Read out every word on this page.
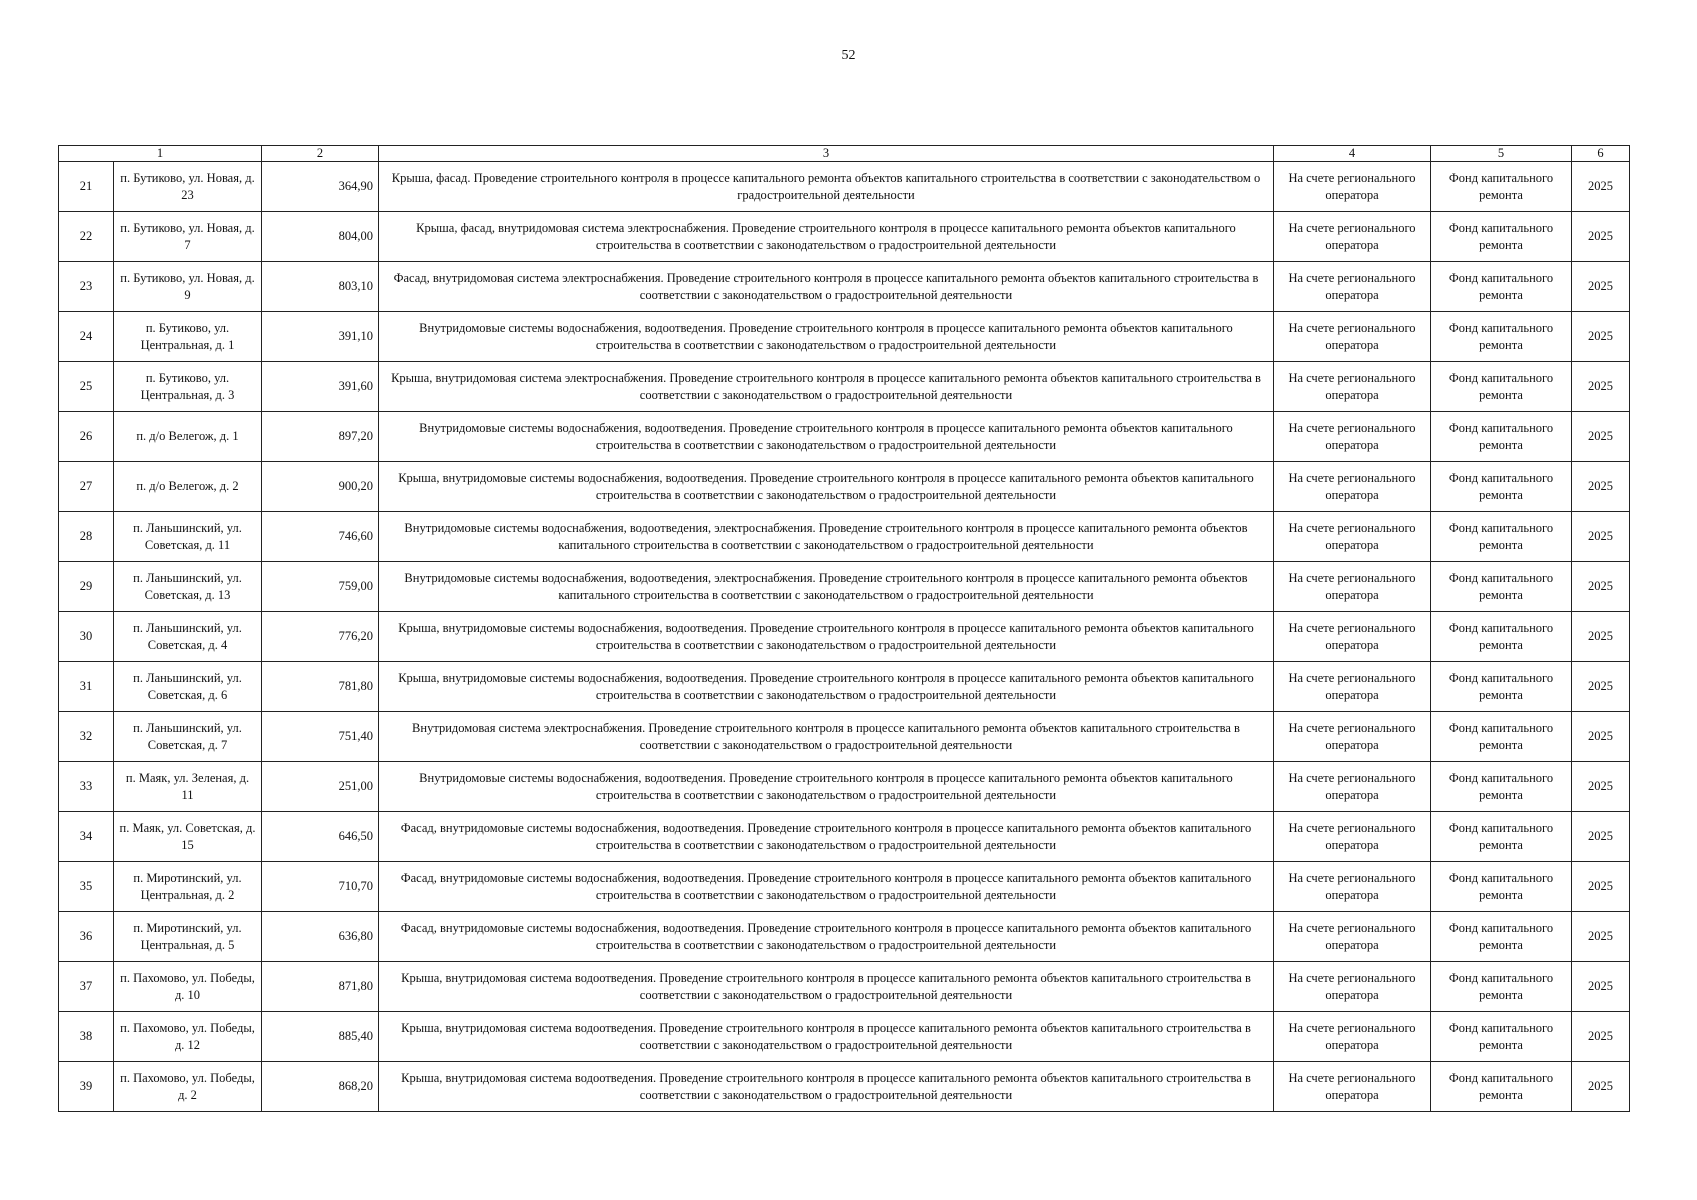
52
1		2	3	4	5	6
21	п. Бутиково, ул. Новая, д. 23	364,90	Крыша, фасад. Проведение строительного контроля в процессе капитального ремонта объектов капитального строительства в соответствии с законодательством о градостроительной деятельности	На счете регионального оператора	Фонд капитального ремонта	2025
22	п. Бутиково, ул. Новая, д. 7	804,00	Крыша, фасад, внутридомовая система электроснабжения. Проведение строительного контроля в процессе капитального ремонта объектов капитального строительства в соответствии с законодательством о градостроительной деятельности	На счете регионального оператора	Фонд капитального ремонта	2025
23	п. Бутиково, ул. Новая, д. 9	803,10	Фасад, внутридомовая система электроснабжения. Проведение строительного контроля в процессе капитального ремонта объектов капитального строительства в соответствии с законодательством о градостроительной деятельности	На счете регионального оператора	Фонд капитального ремонта	2025
24	п. Бутиково, ул. Центральная, д. 1	391,10	Внутридомовые системы водоснабжения, водоотведения. Проведение строительного контроля в процессе капитального ремонта объектов капитального строительства в соответствии с законодательством о градостроительной деятельности	На счете регионального оператора	Фонд капитального ремонта	2025
25	п. Бутиково, ул. Центральная, д. 3	391,60	Крыша, внутридомовая система электроснабжения. Проведение строительного контроля в процессе капитального ремонта объектов капитального строительства в соответствии с законодательством о градостроительной деятельности	На счете регионального оператора	Фонд капитального ремонта	2025
26	п. д/о Велегож, д. 1	897,20	Внутридомовые системы водоснабжения, водоотведения. Проведение строительного контроля в процессе капитального ремонта объектов капитального строительства в соответствии с законодательством о градостроительной деятельности	На счете регионального оператора	Фонд капитального ремонта	2025
27	п. д/о Велегож, д. 2	900,20	Крыша, внутридомовые системы водоснабжения, водоотведения. Проведение строительного контроля в процессе капитального ремонта объектов капитального строительства в соответствии с законодательством о градостроительной деятельности	На счете регионального оператора	Фонд капитального ремонта	2025
28	п. Ланьшинский, ул. Советская, д. 11	746,60	Внутридомовые системы водоснабжения, водоотведения, электроснабжения. Проведение строительного контроля в процессе капитального ремонта объектов капитального строительства в соответствии с законодательством о градостроительной деятельности	На счете регионального оператора	Фонд капитального ремонта	2025
29	п. Ланьшинский, ул. Советская, д. 13	759,00	Внутридомовые системы водоснабжения, водоотведения, электроснабжения. Проведение строительного контроля в процессе капитального ремонта объектов капитального строительства в соответствии с законодательством о градостроительной деятельности	На счете регионального оператора	Фонд капитального ремонта	2025
30	п. Ланьшинский, ул. Советская, д. 4	776,20	Крыша, внутридомовые системы водоснабжения, водоотведения. Проведение строительного контроля в процессе капитального ремонта объектов капитального строительства в соответствии с законодательством о градостроительной деятельности	На счете регионального оператора	Фонд капитального ремонта	2025
31	п. Ланьшинский, ул. Советская, д. 6	781,80	Крыша, внутридомовые системы водоснабжения, водоотведения. Проведение строительного контроля в процессе капитального ремонта объектов капитального строительства в соответствии с законодательством о градостроительной деятельности	На счете регионального оператора	Фонд капитального ремонта	2025
32	п. Ланьшинский, ул. Советская, д. 7	751,40	Внутридомовая система электроснабжения. Проведение строительного контроля в процессе капитального ремонта объектов капитального строительства в соответствии с законодательством о градостроительной деятельности	На счете регионального оператора	Фонд капитального ремонта	2025
33	п. Маяк, ул. Зеленая, д. 11	251,00	Внутридомовые системы водоснабжения, водоотведения. Проведение строительного контроля в процессе капитального ремонта объектов капитального строительства в соответствии с законодательством о градостроительной деятельности	На счете регионального оператора	Фонд капитального ремонта	2025
34	п. Маяк, ул. Советская, д. 15	646,50	Фасад, внутридомовые системы водоснабжения, водоотведения. Проведение строительного контроля в процессе капитального ремонта объектов капитального строительства в соответствии с законодательством о градостроительной деятельности	На счете регионального оператора	Фонд капитального ремонта	2025
35	п. Миротинский, ул. Центральная, д. 2	710,70	Фасад, внутридомовые системы водоснабжения, водоотведения. Проведение строительного контроля в процессе капитального ремонта объектов капитального строительства в соответствии с законодательством о градостроительной деятельности	На счете регионального оператора	Фонд капитального ремонта	2025
36	п. Миротинский, ул. Центральная, д. 5	636,80	Фасад, внутридомовые системы водоснабжения, водоотведения. Проведение строительного контроля в процессе капитального ремонта объектов капитального строительства в соответствии с законодательством о градостроительной деятельности	На счете регионального оператора	Фонд капитального ремонта	2025
37	п. Пахомово, ул. Победы, д. 10	871,80	Крыша, внутридомовая система водоотведения. Проведение строительного контроля в процессе капитального ремонта объектов капитального строительства в соответствии с законодательством о градостроительной деятельности	На счете регионального оператора	Фонд капитального ремонта	2025
38	п. Пахомово, ул. Победы, д. 12	885,40	Крыша, внутридомовая система водоотведения. Проведение строительного контроля в процессе капитального ремонта объектов капитального строительства в соответствии с законодательством о градостроительной деятельности	На счете регионального оператора	Фонд капитального ремонта	2025
39	п. Пахомово, ул. Победы, д. 2	868,20	Крыша, внутридомовая система водоотведения. Проведение строительного контроля в процессе капитального ремонта объектов капитального строительства в соответствии с законодательством о градостроительной деятельности	На счете регионального оператора	Фонд капитального ремонта	2025
